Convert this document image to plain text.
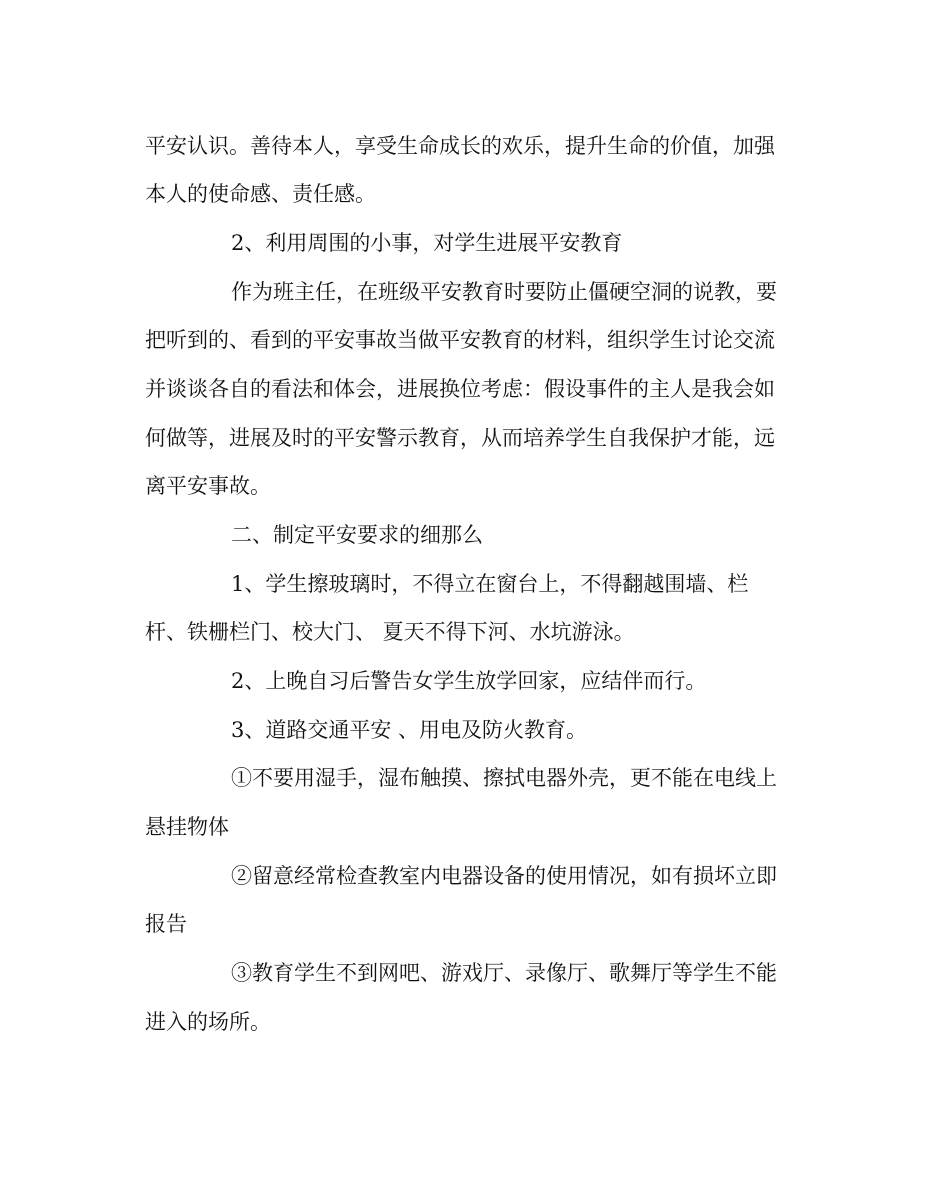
平安认识。善待本人，享受生命成长的欢乐，提升生命的价值，加强
本人的使命感、责任感。
2、利用周围的小事，对学生进展平安教育
作为班主任，在班级平安教育时要防止僵硬空洞的说教，要
把听到的、看到的平安事故当做平安教育的材料，组织学生讨论交流
并谈谈各自的看法和体会，进展换位考虑：假设事件的主人是我会如
何做等，进展及时的平安警示教育，从而培养学生自我保护才能，远
离平安事故。
二、制定平安要求的细那么
1、学生擦玻璃时，不得立在窗台上，不得翻越围墙、栏
杆、铁栅栏门、校大门、 夏天不得下河、水坑游泳。
2、上晚自习后警告女学生放学回家，应结伴而行。
3、道路交通平安 、用电及防火教育。
①不要用湿手，湿布触摸、擦拭电器外壳，更不能在电线上
悬挂物体
②留意经常检查教室内电器设备的使用情况，如有损坏立即
报告
③教育学生不到网吧、游戏厅、录像厅、歌舞厅等学生不能
进入的场所。
